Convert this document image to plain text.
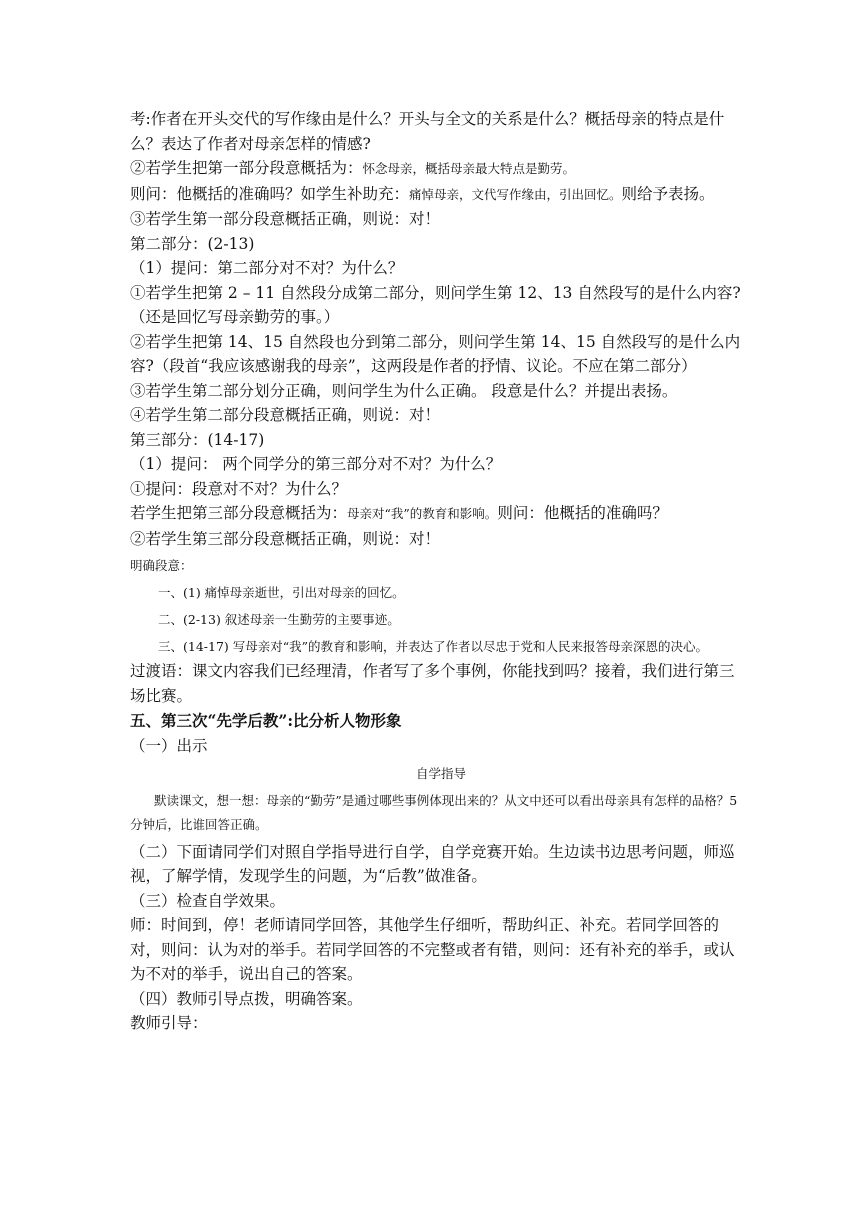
考:作者在开头交代的写作缘由是什么？开头与全文的关系是什么？概括母亲的特点是什么？表达了作者对母亲怎样的情感?
②若学生把第一部分段意概括为：怀念母亲，概括母亲最大特点是勤劳。
则问：他概括的准确吗？如学生补助充：痛悼母亲，文代写作缘由，引出回忆。则给予表扬。
③若学生第一部分段意概括正确，则说：对！
第二部分：(2-13)
（1）提问：第二部分对不对？为什么？
①若学生把第 2 – 11 自然段分成第二部分，则问学生第 12、13 自然段写的是什么内容?（还是回忆写母亲勤劳的事。）
②若学生把第 14、15 自然段也分到第二部分，则问学生第 14、15 自然段写的是什么内容?（段首“我应该感谢我的母亲”，这两段是作者的抒情、议论。不应在第二部分）
③若学生第二部分划分正确，则问学生为什么正确。 段意是什么？并提出表扬。
④若学生第二部分段意概括正确，则说：对！
第三部分：(14-17)
（1）提问： 两个同学分的第三部分对不对？为什么？
①提问：段意对不对？为什么？
若学生把第三部分段意概括为：母亲对“我”的教育和影响。则问：他概括的准确吗？
②若学生第三部分段意概括正确，则说：对！
明确段意：
一、(1) 痛悼母亲逝世，引出对母亲的回忆。
二、(2-13) 叙述母亲一生勤劳的主要事迹。
三、(14-17) 写母亲对“我”的教育和影响，并表达了作者以尽忠于党和人民来报答母亲深恩的决心。
过渡语：课文内容我们已经理清，作者写了多个事例，你能找到吗？接着，我们进行第三场比赛。
五、第三次“先学后教”:比分析人物形象
（一）出示
自学指导
默读课文，想一想：母亲的“勤劳”是通过哪些事例体现出来的？从文中还可以看出母亲具有怎样的品格？5 分钟后，比谁回答正确。
（二）下面请同学们对照自学指导进行自学，自学竞赛开始。生边读书边思考问题，师巡视，了解学情，发现学生的问题，为“后教”做准备。
（三）检查自学效果。
师：时间到，停！老师请同学回答，其他学生仔细听，帮助纠正、补充。若同学回答的对，则问：认为对的举手。若同学回答的不完整或者有错，则问：还有补充的举手，或认为不对的举手，说出自己的答案。
（四）教师引导点拨，明确答案。
教师引导：
